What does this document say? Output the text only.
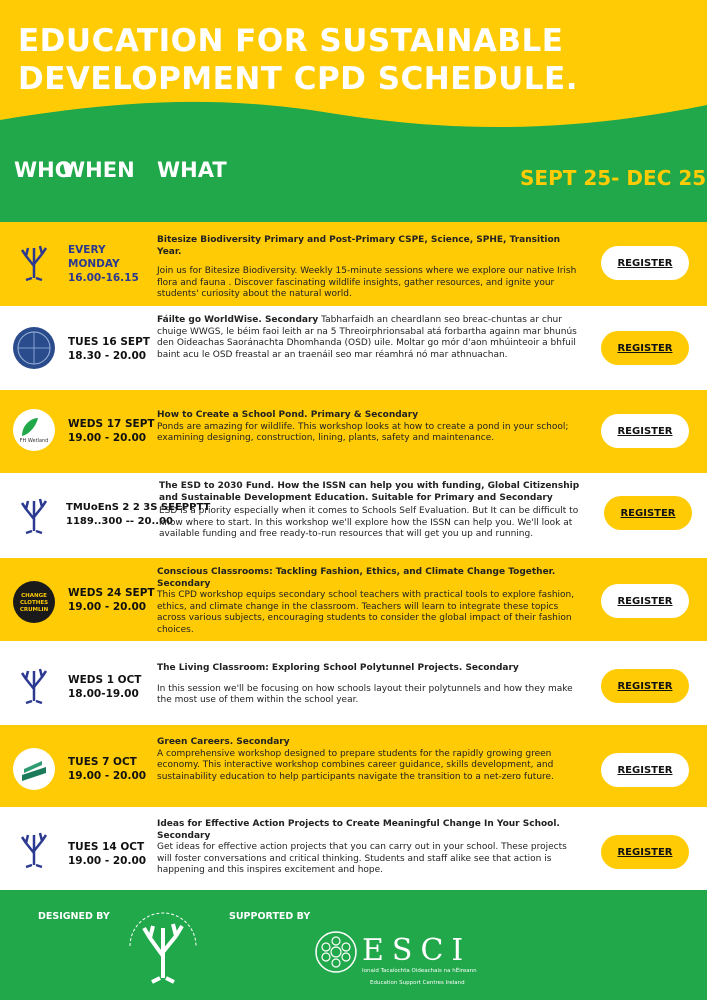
EDUCATION FOR SUSTAINABLE DEVELOPMENT CPD SCHEDULE.
WHO
WHEN WHAT	SEPT 25- DEC 25
EVERY
MONDAY
16.00-16.15
Bitesize Biodiversity Primary and Post-Primary CSPE, Science, SPHE, Transition Year.
Join us for Bitesize Biodiversity. Weekly 15-minute sessions where we explore our native Irish flora and fauna . Discover fascinating wildlife insights, gather resources, and ignite your students' curiosity about the natural world.
REGISTER
TUES 16 SEPT
18.30 - 20.00
Fáilte go WorldWise. Secondary Tabharfaidh an cheardlann seo breac-chuntas ar chur chuige WWGS, le béim faoi leith ar na 5 Threoirphrionsabal atá forbartha againn mar bhunús den Oideachas Saoránachta Dhomhanda (OSD) uile. Moltar go mór d'aon mhúinteoir a bhfuil baint acu le OSD freastal ar an traenáil seo mar réamhrá nó mar athnuachan.
REGISTER
FH Wetland
WEDS 17 SEPT
19.00 - 20.00
How to Create a School Pond. Primary & Secondary
Ponds are amazing for wildlife. This workshop looks at how to create a pond in your school; examining designing, construction, lining, plants, safety and maintenance.
REGISTER
TMUoEnS 2 2 3S SEEPPTT
1189..300 -- 20..00
The ESD to 2030 Fund. How the ISSN can help you with funding, Global Citizenship and Sustainable Development Education. Suitable for Primary and Secondary
ESD is a priority especially when it comes to Schools Self Evaluation. But It can be difficult to know where to start. In this workshop we'll explore how the ISSN can help you. We'll look at available funding and free ready-to-run resources that will get you up and running.
REGISTER
CHANGE
CLOTHES
CRUMLIN
WEDS 24 SEPT
19.00 - 20.00
Conscious Classrooms: Tackling Fashion, Ethics, and Climate Change Together. Secondary
This CPD workshop equips secondary school teachers with practical tools to explore fashion, ethics, and climate change in the classroom. Teachers will learn to integrate these topics across various subjects, encouraging students to consider the global impact of their fashion choices.
REGISTER
WEDS 1 OCT
18.00-19.00
The Living Classroom: Exploring School Polytunnel Projects. Secondary
In this session we'll be focusing on how schools layout their polytunnels and how they make the most use of them within the school year.
REGISTER
TUES 7 OCT
19.00 - 20.00
Green Careers. Secondary
A comprehensive workshop designed to prepare students for the rapidly growing green economy. This interactive workshop combines career guidance, skills development, and sustainability education to help participants navigate the transition to a net-zero future.
REGISTER
TUES 14 OCT
19.00 - 20.00
Ideas for Effective Action Projects to Create Meaningful Change In Your School. Secondary
Get ideas for effective action projects that you can carry out in your school. These projects will foster conversations and critical thinking. Students and staff alike see that action is happening and this inspires excitement and hope.
REGISTER
DESIGNED BY	SUPPORTED BY
ESCI
Ionaid Tacaíochta Oideachais na hÉireann
Education Support Centres Ireland
